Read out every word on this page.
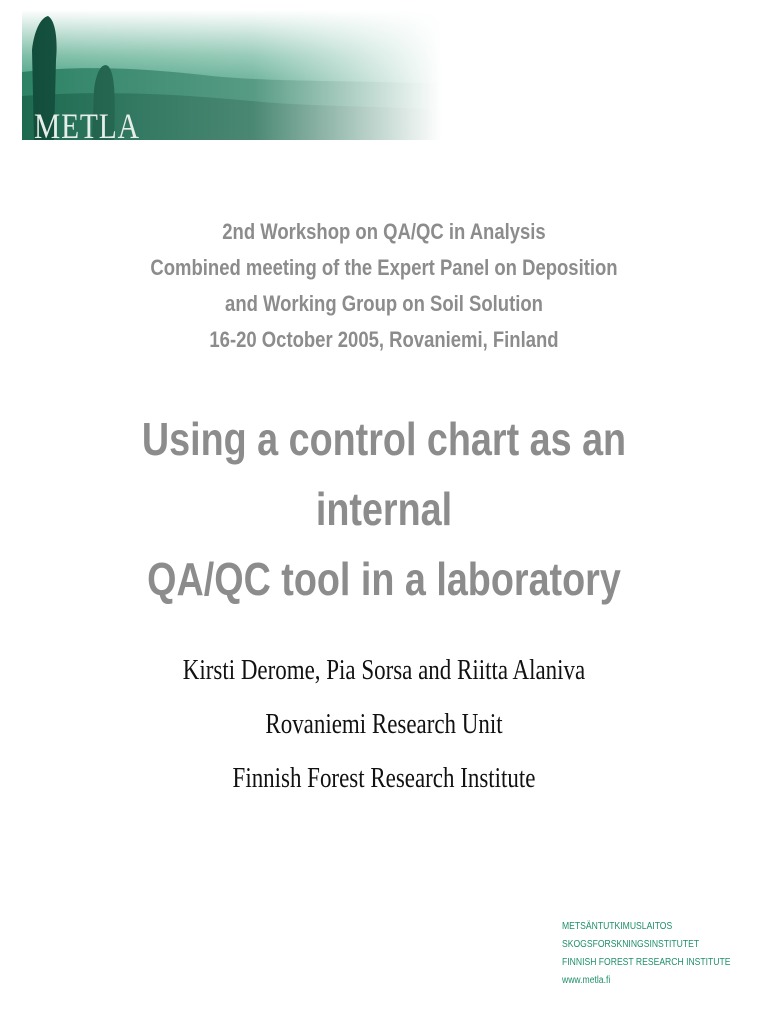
METLA
2nd Workshop on QA/QC in Analysis
Combined meeting of the Expert Panel on Deposition
and Working Group on Soil Solution
16-20 October 2005, Rovaniemi, Finland
Using a control chart as an internal
QA/QC tool in a laboratory
Kirsti Derome, Pia Sorsa and Riitta Alaniva
Rovaniemi Research Unit
Finnish Forest Research Institute
METSÄNTUTKIMUSLAITOS
SKOGSFORSKNINGSINSTITUTET
FINNISH FOREST RESEARCH INSTITUTE
www.metla.fi
